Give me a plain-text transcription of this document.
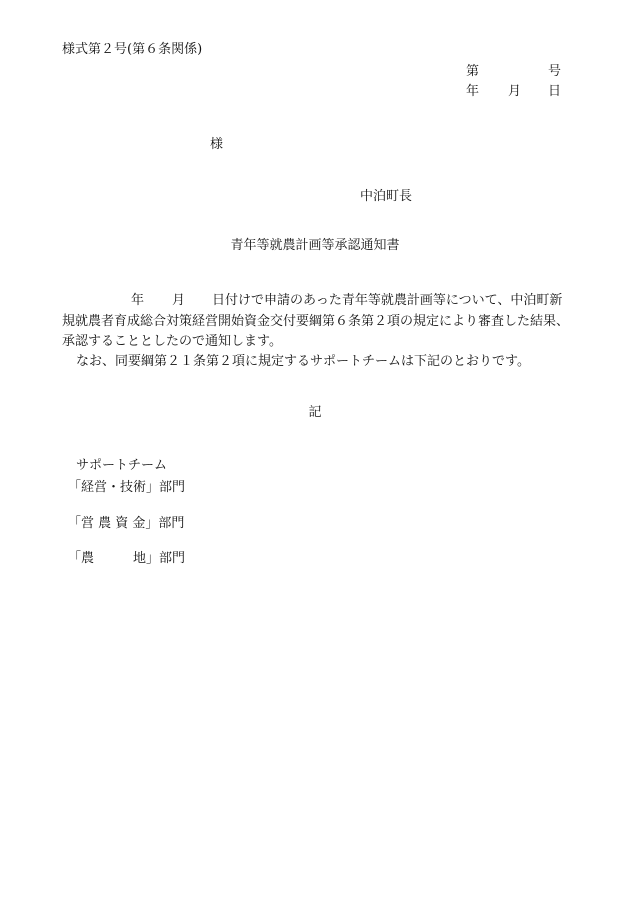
様式第２号(第６条関係)
第	号
年 月 日
様
中泊町長
青年等就農計画等承認通知書
年 月 日付けで申請のあった青年等就農計画等について、中泊町新
規就農者育成総合対策経営開始資金交付要綱第６条第２項の規定により審査した結果、
承認することとしたので通知します。
なお、同要綱第２１条第２項に規定するサポートチームは下記のとおりです。
記
サポートチーム
「経営・技術」部門
「営 農 資 金」部門
「農　　　地」部門
